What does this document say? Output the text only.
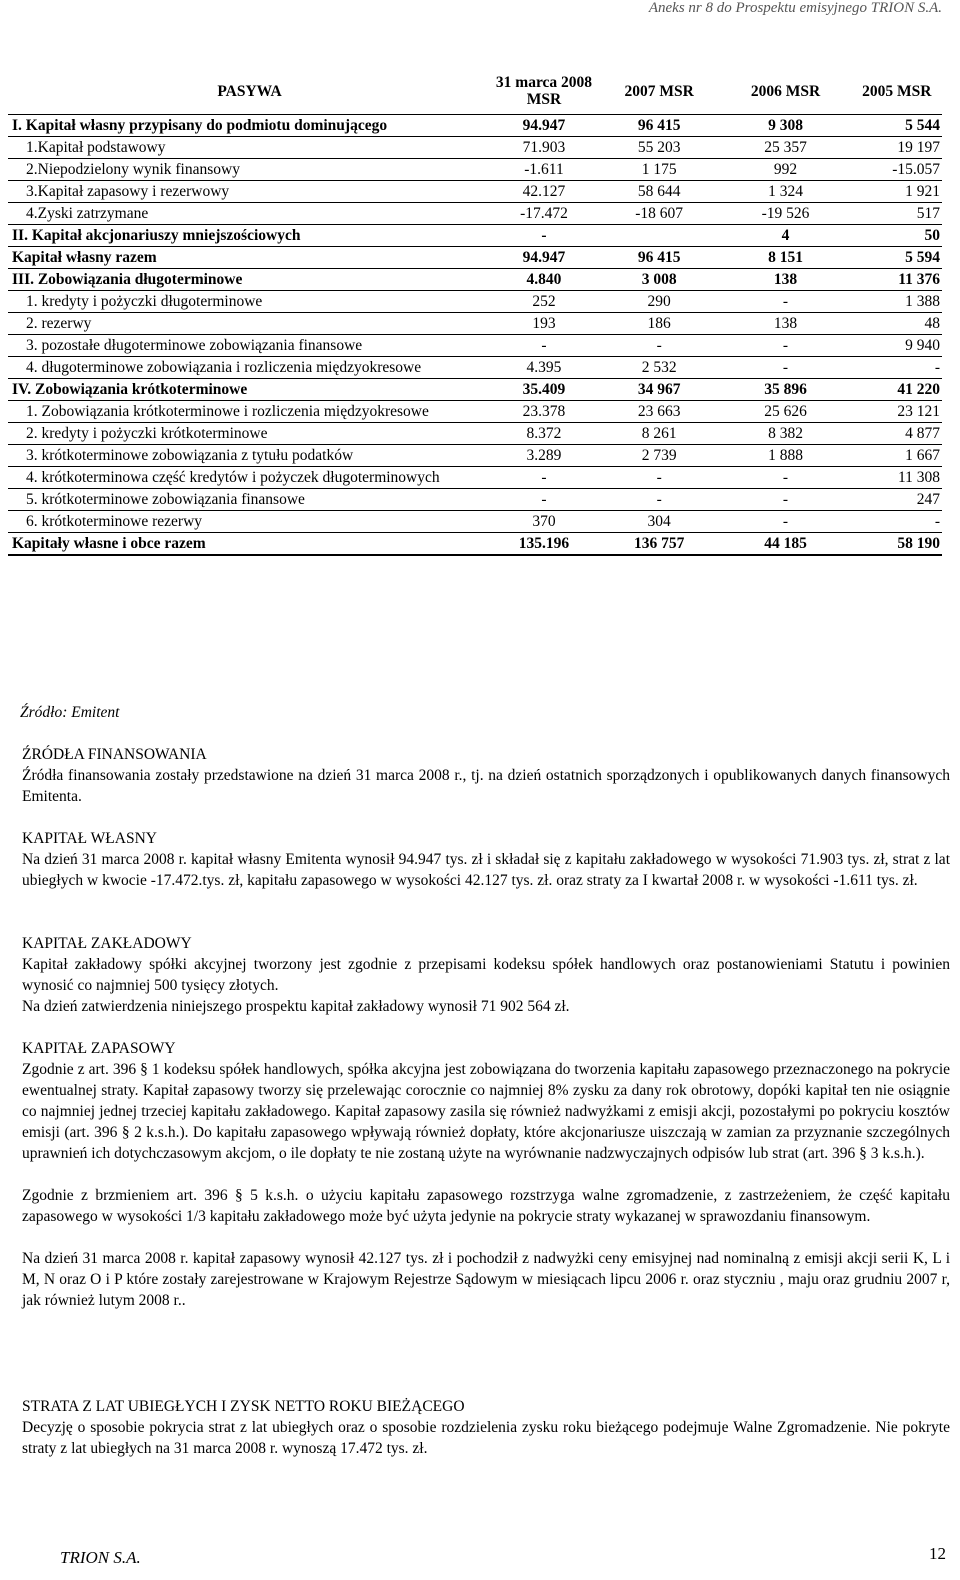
Aneks nr 8 do Prospektu emisyjnego TRION S.A.
PASYWA	31 marca 2008 MSR	2007 MSR	2006 MSR	2005 MSR
I. Kapitał własny przypisany do podmiotu dominującego	94.947	96 415	9 308	5 544
1.Kapitał podstawowy	71.903	55 203	25 357	19 197
2.Niepodzielony wynik finansowy	-1.611	1 175	992	-15.057
3.Kapitał zapasowy i rezerwowy	42.127	58 644	1 324	1 921
4.Zyski zatrzymane	-17.472	-18 607	-19 526	517
II. Kapitał akcjonariuszy mniejszościowych	-		4	50
Kapitał własny razem	94.947	96 415	8 151	5 594
III. Zobowiązania długoterminowe	4.840	3 008	138	11 376
1. kredyty i pożyczki długoterminowe	252	290	-	1 388
2. rezerwy	193	186	138	48
3. pozostałe długoterminowe zobowiązania finansowe	-	-	-	9 940
4. długoterminowe zobowiązania i rozliczenia międzyokresowe	4.395	2 532	-	-
IV. Zobowiązania krótkoterminowe	35.409	34 967	35 896	41 220
1. Zobowiązania krótkoterminowe i rozliczenia międzyokresowe	23.378	23 663	25 626	23 121
2. kredyty i pożyczki krótkoterminowe	8.372	8 261	8 382	4 877
3. krótkoterminowe zobowiązania z tytułu podatków	3.289	2 739	1 888	1 667
4. krótkoterminowa część kredytów i pożyczek długoterminowych	-	-	-	11 308
5. krótkoterminowe zobowiązania finansowe	-	-	-	247
6. krótkoterminowe rezerwy	370	304	-	-
Kapitały własne i obce razem	135.196	136 757	44 185	58 190
Źródło: Emitent

ŹRÓDŁA FINANSOWANIA

Źródła finansowania zostały przedstawione na dzień 31 marca 2008 r., tj. na dzień ostatnich sporządzonych i opublikowanych danych finansowych Emitenta.

KAPITAŁ WŁASNY

Na dzień 31 marca 2008 r. kapitał własny Emitenta wynosił 94.947 tys. zł i składał się z kapitału zakładowego w wysokości 71.903 tys. zł, strat z lat ubiegłych w kwocie -17.472.tys. zł, kapitału zapasowego w wysokości 42.127 tys. zł. oraz straty za I kwartał 2008 r. w wysokości -1.611 tys. zł.

KAPITAŁ ZAKŁADOWY

Kapitał zakładowy spółki akcyjnej tworzony jest zgodnie z przepisami kodeksu spółek handlowych oraz postanowieniami Statutu i powinien wynosić co najmniej 500 tysięcy złotych.

Na dzień zatwierdzenia niniejszego prospektu kapitał zakładowy wynosił 71 902 564 zł.

KAPITAŁ ZAPASOWY

Zgodnie z art. 396 § 1 kodeksu spółek handlowych, spółka akcyjna jest zobowiązana do tworzenia kapitału zapasowego przeznaczonego na pokrycie ewentualnej straty. Kapitał zapasowy tworzy się przelewając corocznie co najmniej 8% zysku za dany rok obrotowy, dopóki kapitał ten nie osiągnie co najmniej jednej trzeciej kapitału zakładowego. Kapitał zapasowy zasila się również nadwyżkami z emisji akcji, pozostałymi po pokryciu kosztów emisji (art. 396 § 2 k.s.h.). Do kapitału zapasowego wpływają również dopłaty, które akcjonariusze uiszczają w zamian za przyznanie szczególnych uprawnień ich dotychczasowym akcjom, o ile dopłaty te nie zostaną użyte na wyrównanie nadzwyczajnych odpisów lub strat (art. 396 § 3 k.s.h.).

Zgodnie z brzmieniem art. 396 § 5 k.s.h. o użyciu kapitału zapasowego rozstrzyga walne zgromadzenie, z zastrzeżeniem, że część kapitału zapasowego w wysokości 1/3 kapitału zakładowego może być użyta jedynie na pokrycie straty wykazanej w sprawozdaniu finansowym.

Na dzień 31 marca 2008 r. kapitał zapasowy wynosił 42.127 tys. zł i pochodził z nadwyżki ceny emisyjnej nad nominalną z emisji akcji serii K, L i M, N oraz O i P które zostały zarejestrowane w Krajowym Rejestrze Sądowym w miesiącach lipcu 2006 r. oraz styczniu , maju oraz grudniu 2007 r, jak również lutym 2008 r..

STRATA Z LAT UBIEGŁYCH I ZYSK NETTO ROKU BIEŻĄCEGO

Decyzję o sposobie pokrycia strat z lat ubiegłych oraz o sposobie rozdzielenia zysku roku bieżącego podejmuje Walne Zgromadzenie. Nie pokryte straty z lat ubiegłych na 31 marca 2008 r. wynoszą 17.472 tys. zł.

TRION S.A.	12
